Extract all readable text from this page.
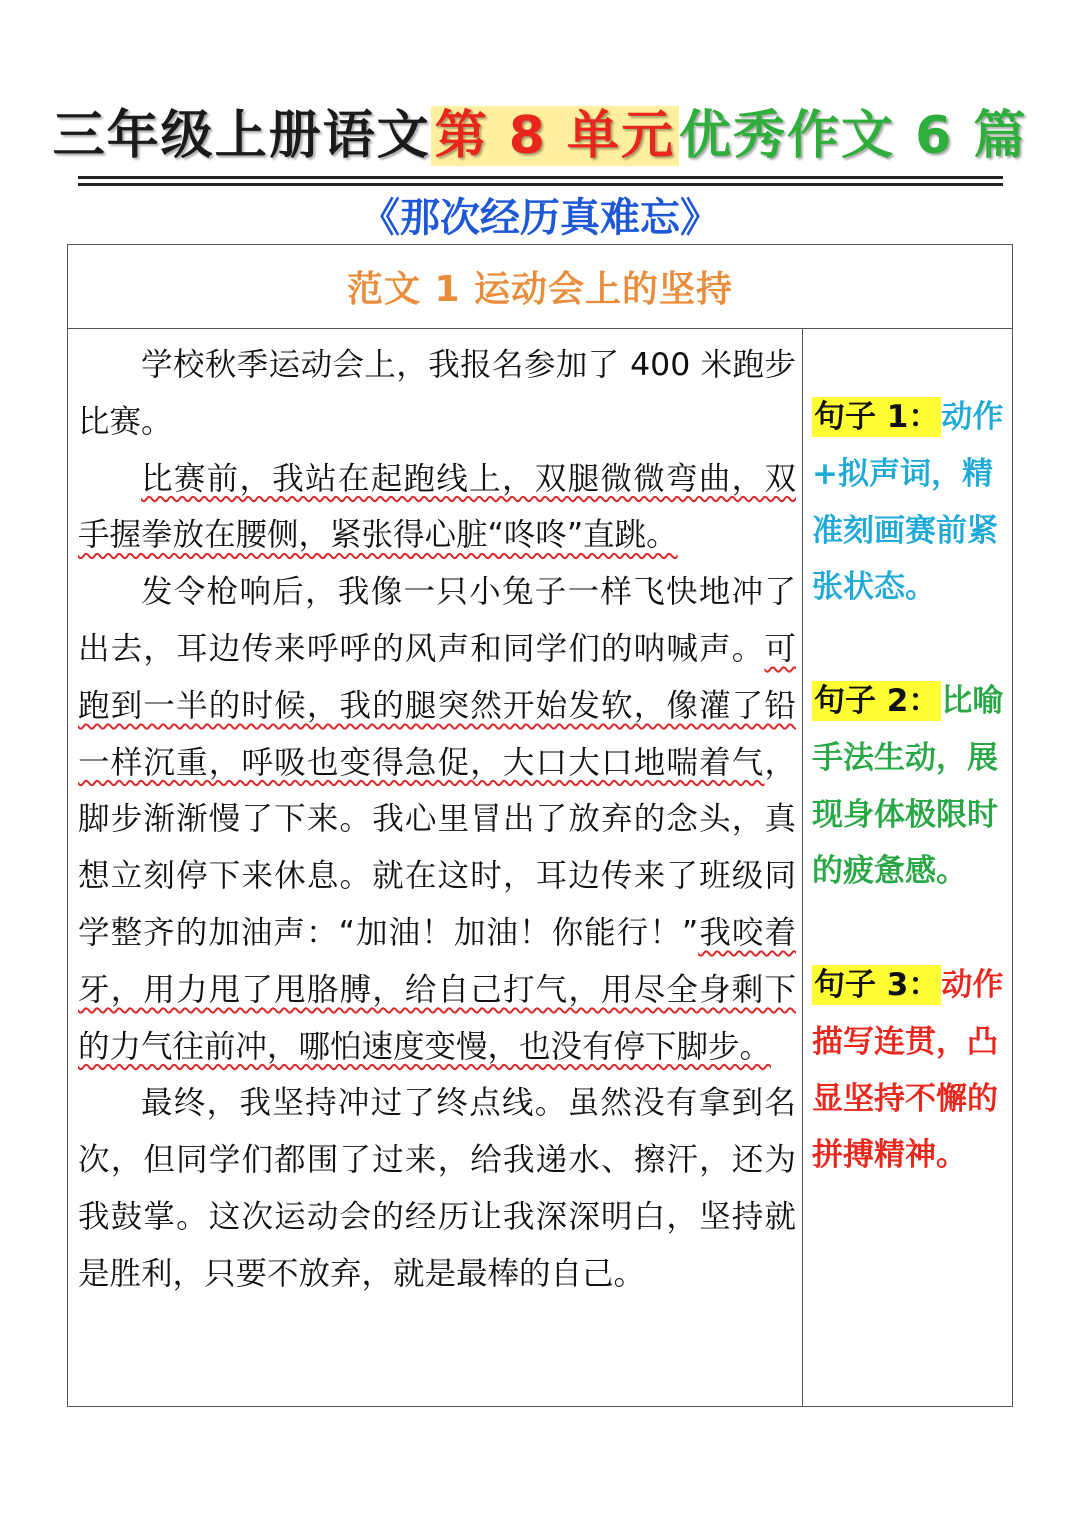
三年级上册语文第 8 单元优秀作文 6 篇
《那次经历真难忘》
范文 1 运动会上的坚持

学校秋季运动会上，我报名参加了 400 米跑步比赛。

比赛前，我站在起跑线上，双腿微微弯曲，双手握拳放在腰侧，紧张得心脏“咚咚”直跳。

发令枪响后，我像一只小兔子一样飞快地冲了出去，耳边传来呼呼的风声和同学们的呐喊声。可跑到一半的时候，我的腿突然开始发软，像灌了铅一样沉重，呼吸也变得急促，大口大口地喘着气，脚步渐渐慢了下来。我心里冒出了放弃的念头，真想立刻停下来休息。就在这时，耳边传来了班级同学整齐的加油声：“加油！加油！你能行！”我咬着牙，用力甩了甩胳膊，给自己打气，用尽全身剩下的力气往前冲，哪怕速度变慢，也没有停下脚步。

最终，我坚持冲过了终点线。虽然没有拿到名次，但同学们都围了过来，给我递水、擦汗，还为我鼓掌。这次运动会的经历让我深深明白，坚持就是胜利，只要不放弃，就是最棒的自己。

句子 1：动作+拟声词，精准刻画赛前紧张状态。
句子 2：比喻手法生动，展现身体极限时的疲惫感。
句子 3：动作描写连贯，凸显坚持不懈的拼搏精神。
